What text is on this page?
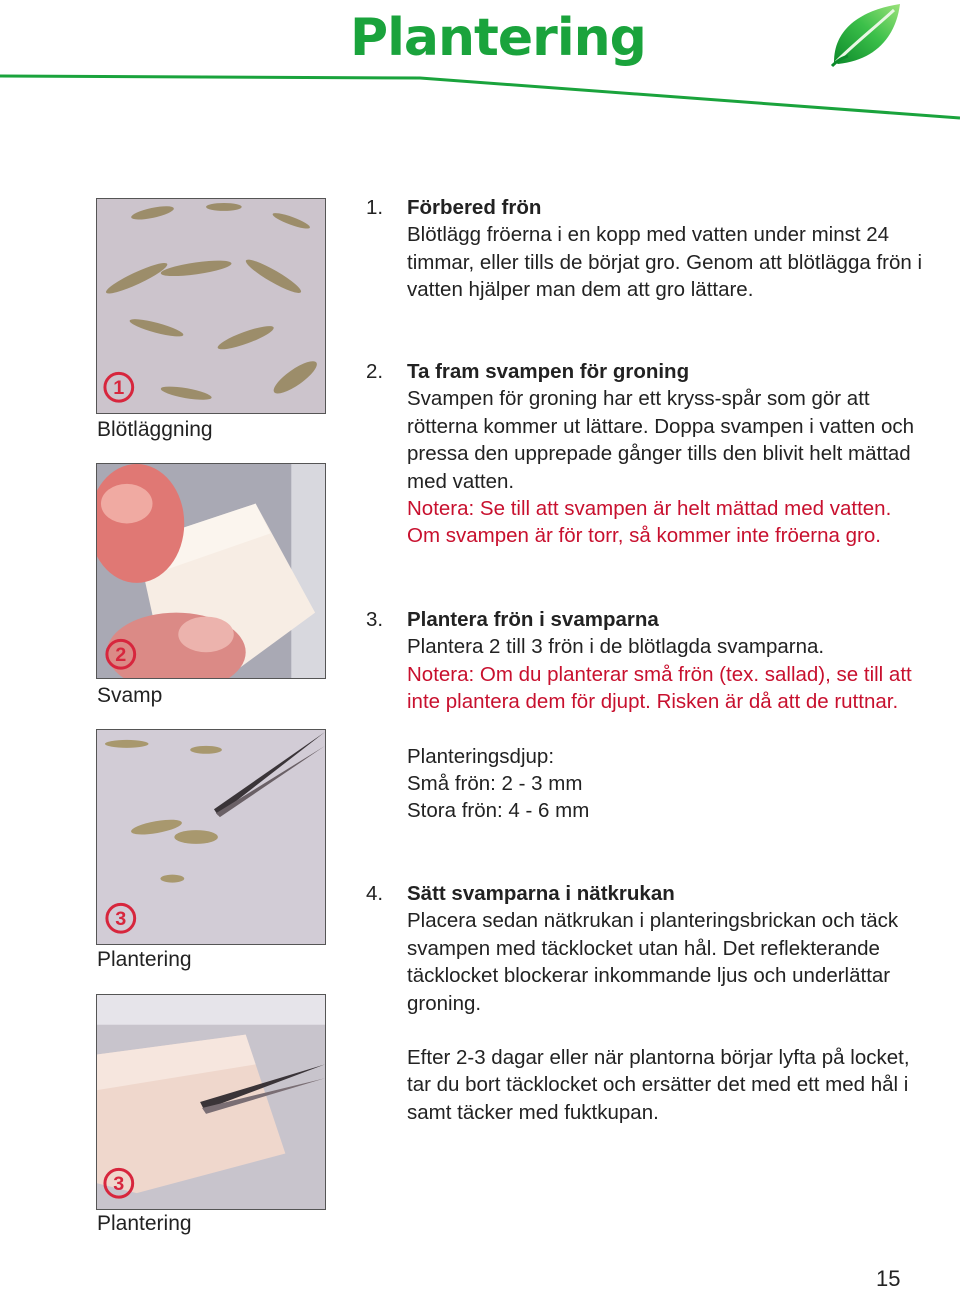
Plantering
1
Blötläggning
2
Svamp
3
Plantering
3
Plantering
1. Förbered frön

Blötlägg fröerna i en kopp med vatten under minst 24 timmar, eller tills de börjat gro. Genom att blötlägga frön i vatten hjälper man dem att gro lättare.

2. Ta fram svampen för groning

Svampen för groning har ett kryss-spår som gör att rötterna kommer ut lättare. Doppa svampen i vatten och pressa den upprepade gånger tills den blivit helt mättad med vatten.

Notera: Se till att svampen är helt mättad med vatten. Om svampen är för torr, så kommer inte fröerna gro.

3. Plantera frön i svamparna

Plantera 2 till 3 frön i de blötlagda svamparna.

Notera: Om du planterar små frön (tex. sallad), se till att inte plantera dem för djupt. Risken är då att de ruttnar.

Planteringsdjup:

Små frön: 2 - 3 mm

Stora frön: 4 - 6 mm

4. Sätt svamparna i nätkrukan

Placera sedan nätkrukan i planteringsbrickan och täck svampen med täcklocket utan hål. Det reflekterande täcklocket blockerar inkommande ljus och underlättar groning.

Efter 2-3 dagar eller när plantorna börjar lyfta på locket, tar du bort täcklocket och ersätter det med ett med hål i samt täcker med fuktkupan.

15
